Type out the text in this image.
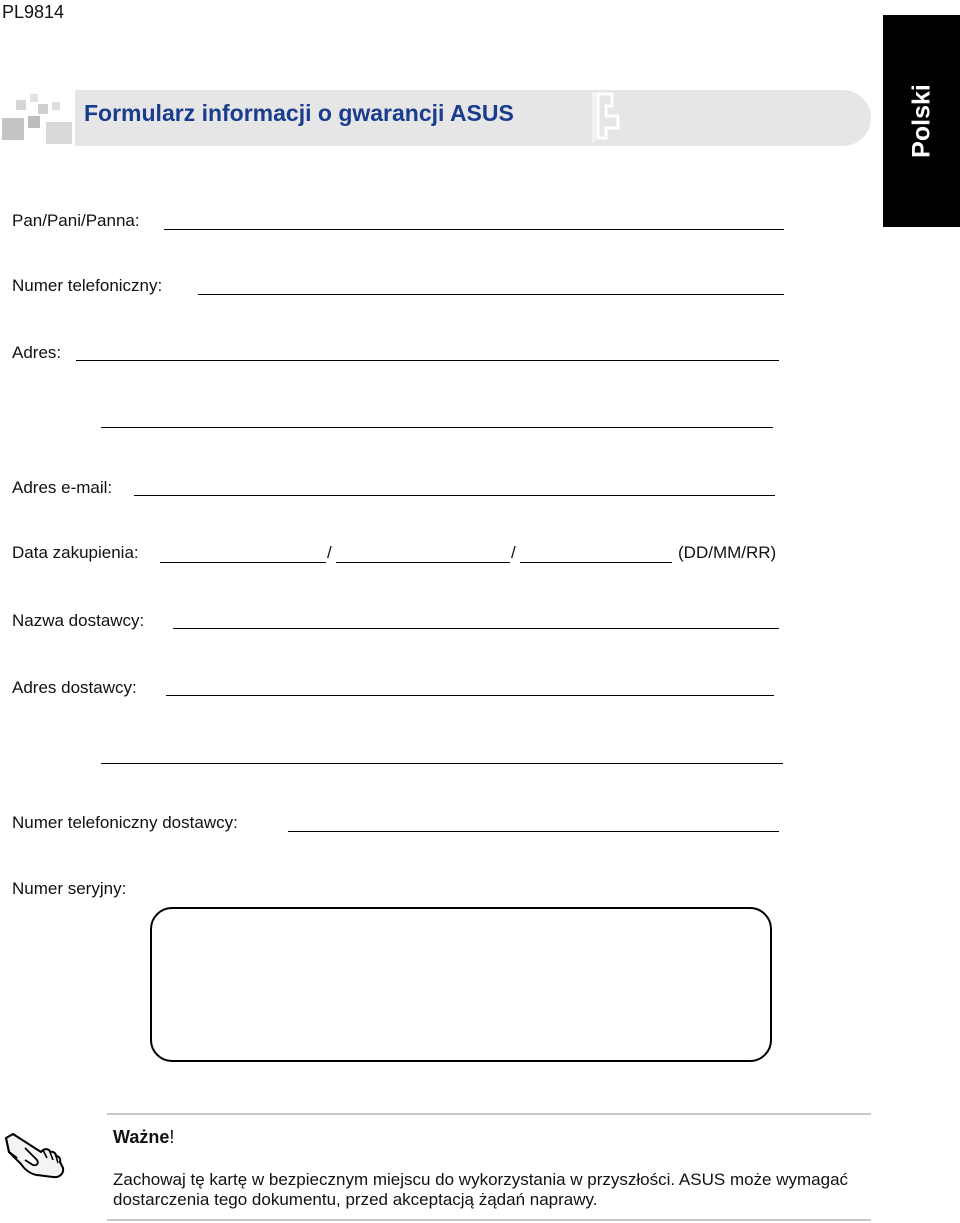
PL9814
Polski
Formularz informacji o gwarancji ASUS
Pan/Pani/Panna:
Numer telefoniczny:
Adres:
Adres e-mail:
Data zakupienia:	/	/	(DD/MM/RR)
Nazwa dostawcy:
Adres dostawcy:
Numer telefoniczny dostawcy:
Numer seryjny:
Ważne!
Zachowaj tę kartę w bezpiecznym miejscu do wykorzystania w przyszłości. ASUS może wymagać dostarczenia tego dokumentu, przed akceptacją żądań naprawy.
